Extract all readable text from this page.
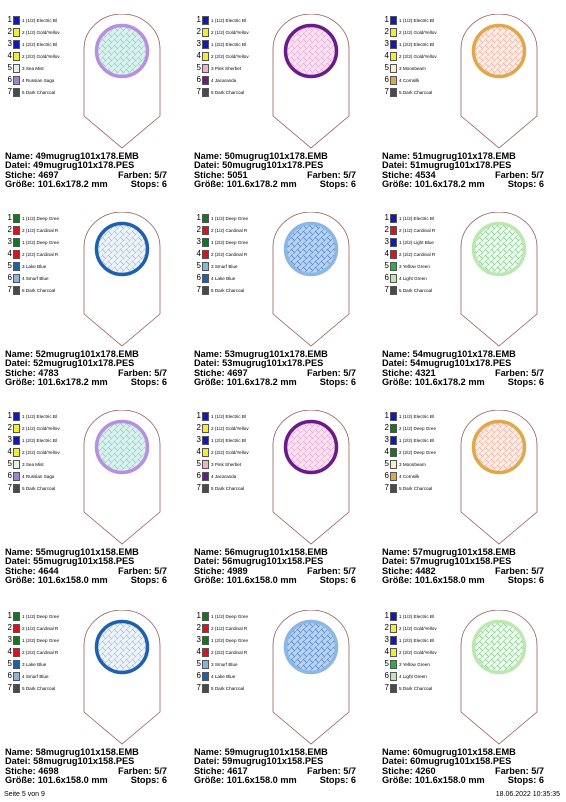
1 1 (1/2) Electric Bl
2 2 (1/2) Gold/Yellov
3 1 (2/2) Electric Bl
4 2 (2/2) Gold/Yellov
5 3 Sea Mist
6 4 Russian Saga
7 5 Dark Charcoal
Name: 49mugrug101x178.EMB
Datei: 49mugrug101x178.PES
Stiche: 4697	Farben: 5/7
Größe: 101.6x178.2 mm	Stops: 6
1 1 (1/2) Electric Bl
2 2 (1/2) Gold/Yellov
3 1 (2/2) Electric Bl
4 2 (2/2) Gold/Yellov
5 3 Pink Sherbet
6 4 Jacaranda
7 5 Dark Charcoal
Name: 50mugrug101x178.EMB
Datei: 50mugrug101x178.PES
Stiche: 5051	Farben: 5/7
Größe: 101.6x178.2 mm	Stops: 6
1 1 (1/2) Electric Bl
2 2 (1/2) Gold/Yellov
3 1 (2/2) Electric Bl
4 2 (2/2) Gold/Yellov
5 3 Moonbeam
6 4 Cornsilk
7 5 Dark Charcoal
Name: 51mugrug101x178.EMB
Datei: 51mugrug101x178.PES
Stiche: 4534	Farben: 5/7
Größe: 101.6x178.2 mm	Stops: 6
1 1 (1/2) Deep Gree
2 2 (1/2) Cardinal R
3 1 (2/2) Deep Gree
4 2 (2/2) Cardinal R
5 3 Lake Blue
6 4 Smurf Blue
7 5 Dark Charcoal
Name: 52mugrug101x178.EMB
Datei: 52mugrug101x178.PES
Stiche: 4783	Farben: 5/7
Größe: 101.6x178.2 mm	Stops: 6
1 1 (1/2) Deep Gree
2 2 (1/2) Cardinal R
3 1 (2/2) Deep Gree
4 2 (2/2) Cardinal R
5 3 Smurf Blue
6 4 Lake Blue
7 5 Dark Charcoal
Name: 53mugrug101x178.EMB
Datei: 53mugrug101x178.PES
Stiche: 4697	Farben: 5/7
Größe: 101.6x178.2 mm	Stops: 6
1 1 (1/2) Electric Bl
2 2 (1/2) Cardinal R
3 1 (2/2) Light Blue
4 2 (2/2) Cardinal R
5 3 Yellow Green
6 4 Light Green
7 5 Dark Charcoal
Name: 54mugrug101x178.EMB
Datei: 54mugrug101x178.PES
Stiche: 4321	Farben: 5/7
Größe: 101.6x178.2 mm	Stops: 6
1 1 (1/2) Electric Bl
2 2 (1/2) Gold/Yellov
3 1 (2/2) Electric Bl
4 2 (2/2) Gold/Yellov
5 3 Sea Mist
6 4 Russian Saga
7 5 Dark Charcoal
Name: 55mugrug101x158.EMB
Datei: 55mugrug101x158.PES
Stiche: 4644	Farben: 5/7
Größe: 101.6x158.0 mm	Stops: 6
1 1 (1/2) Electric Bl
2 2 (1/2) Gold/Yellov
3 1 (2/2) Electric Bl
4 2 (2/2) Gold/Yellov
5 3 Pink Sherbet
6 4 Jacaranda
7 5 Dark Charcoal
Name: 56mugrug101x158.EMB
Datei: 56mugrug101x158.PES
Stiche: 4989	Farben: 5/7
Größe: 101.6x158.0 mm	Stops: 6
1 1 (1/2) Electric Bl
2 2 (1/2) Deep Gree
3 1 (2/2) Electric Bl
4 2 (2/2) Deep Gree
5 3 Moonbeam
6 4 Cornsilk
7 5 Dark Charcoal
Name: 57mugrug101x158.EMB
Datei: 57mugrug101x158.PES
Stiche: 4482	Farben: 5/7
Größe: 101.6x158.0 mm	Stops: 6
1 1 (1/2) Deep Gree
2 2 (1/2) Cardinal R
3 1 (2/2) Deep Gree
4 2 (2/2) Cardinal R
5 3 Lake Blue
6 4 Smurf Blue
7 5 Dark Charcoal
Name: 58mugrug101x158.EMB
Datei: 58mugrug101x158.PES
Stiche: 4698	Farben: 5/7
Größe: 101.6x158.0 mm	Stops: 6
1 1 (1/2) Deep Gree
2 2 (1/2) Cardinal R
3 1 (2/2) Deep Gree
4 2 (2/2) Cardinal R
5 3 Smurf Blue
6 4 Lake Blue
7 5 Dark Charcoal
Name: 59mugrug101x158.EMB
Datei: 59mugrug101x158.PES
Stiche: 4617	Farben: 5/7
Größe: 101.6x158.0 mm	Stops: 6
1 1 (1/2) Electric Bl
2 2 (1/2) Gold/Yellov
3 1 (2/2) Electric Bl
4 2 (2/2) Gold/Yellov
5 3 Yellow Green
6 4 Light Green
7 5 Dark Charcoal
Name: 60mugrug101x158.EMB
Datei: 60mugrug101x158.PES
Stiche: 4260	Farben: 5/7
Größe: 101.6x158.0 mm	Stops: 6
Seite 5 von 9	18.06.2022 10:35:35
